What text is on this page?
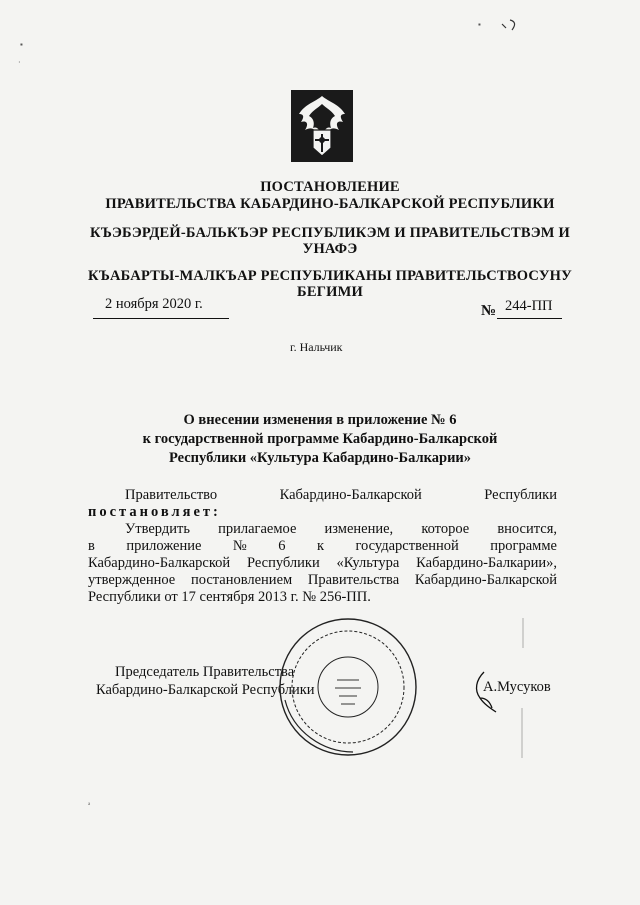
▪
·
▪
ᵃ
ПОСТАНОВЛЕНИЕ
ПРАВИТЕЛЬСТВА КАБАРДИНО-БАЛКАРСКОЙ РЕСПУБЛИКИ
КЪЭБЭРДЕЙ-БАЛЬКЪЭР РЕСПУБЛИКЭМ И ПРАВИТЕЛЬСТВЭМ И
УНАФЭ
КЪАБАРТЫ-МАЛКЪАР РЕСПУБЛИКАНЫ ПРАВИТЕЛЬСТВОСУНУ
БЕГИМИ
2 ноября 2020 г.	№ 244-ПП
г. Нальчик
О внесении изменения в приложение № 6
к государственной программе Кабардино-Балкарской
Республики «Культура Кабардино-Балкарии»
Правительство	Кабардино-Балкарской	Республики
постановляет:
Утвердить прилагаемое изменение, которое вносится,
в приложение № 6 к государственной программе
Кабардино-Балкарской Республики «Культура Кабардино-Балкарии»,
утвержденное постановлением Правительства Кабардино-Балкарской
Республики от 17 сентября 2013 г. № 256-ПП.
Председатель Правительства
Кабардино-Балкарской Республики	А.Мусуков
